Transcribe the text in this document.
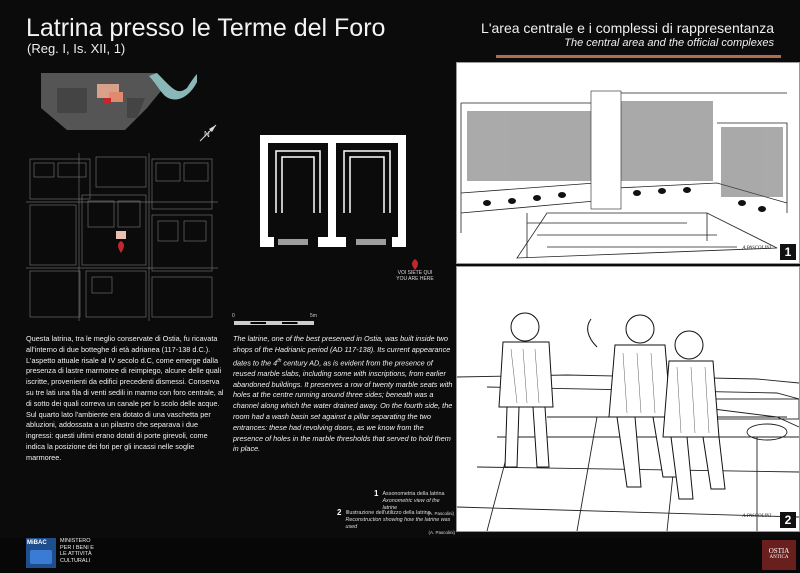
Latrina presso le Terme del Foro
(Reg. I, Is. XII, 1)
L'area centrale e i complessi di rappresentanza
The central area and the official complexes
N
VOI SIETE QUI
YOU ARE HERE
0	5m
Questa latrina, tra le meglio conservate di Ostia, fu ricavata all'interno di due botteghe di età adrianea (117-138 d.C.). L'aspetto attuale risale al IV secolo d.C, come emerge dalla presenza di lastre marmoree di reimpiego, alcune delle quali iscritte, provenienti da edifici precedenti dismessi. Conserva su tre lati una fila di venti sedili in marmo con foro centrale, al di sotto dei quali correva un canale per lo scolo delle acque. Sul quarto lato l'ambiente era dotato di una vaschetta per abluzioni, addossata a un pilastro che separava i due ingressi: questi ultimi erano dotati di porte girevoli, come indica la posizione dei fori per gli incassi nelle soglie marmoree.
The latrine, one of the best preserved in Ostia, was built inside two shops of the Hadrianic period (AD 117-138). Its current appearance dates to the 4th century AD, as is evident from the presence of reused marble slabs, including some with inscriptions, from earlier abandoned buildings. It preserves a row of twenty marble seats with holes at the centre running around three sides; beneath was a channel along which the water drained away. On the fourth side, the room had a wash basin set against a pillar separating the two entrances: these had revolving doors, as we know from the presence of holes in the marble thresholds that served to hold them in place.
1 Assonometria della latrina
Axonometric view of the latrine
(A. Pascolini)
2 Illustrazione dell'utilizzo della latrina
Reconstruction showing how the latrine was used
(A. Pascolini)
A.PASCOLINI	1
A.PASCOLINI	2
MiBAC	MINISTERO
PER I BENI E
LE ATTIVITÀ
CULTURALI
OSTIA
ANTICA
